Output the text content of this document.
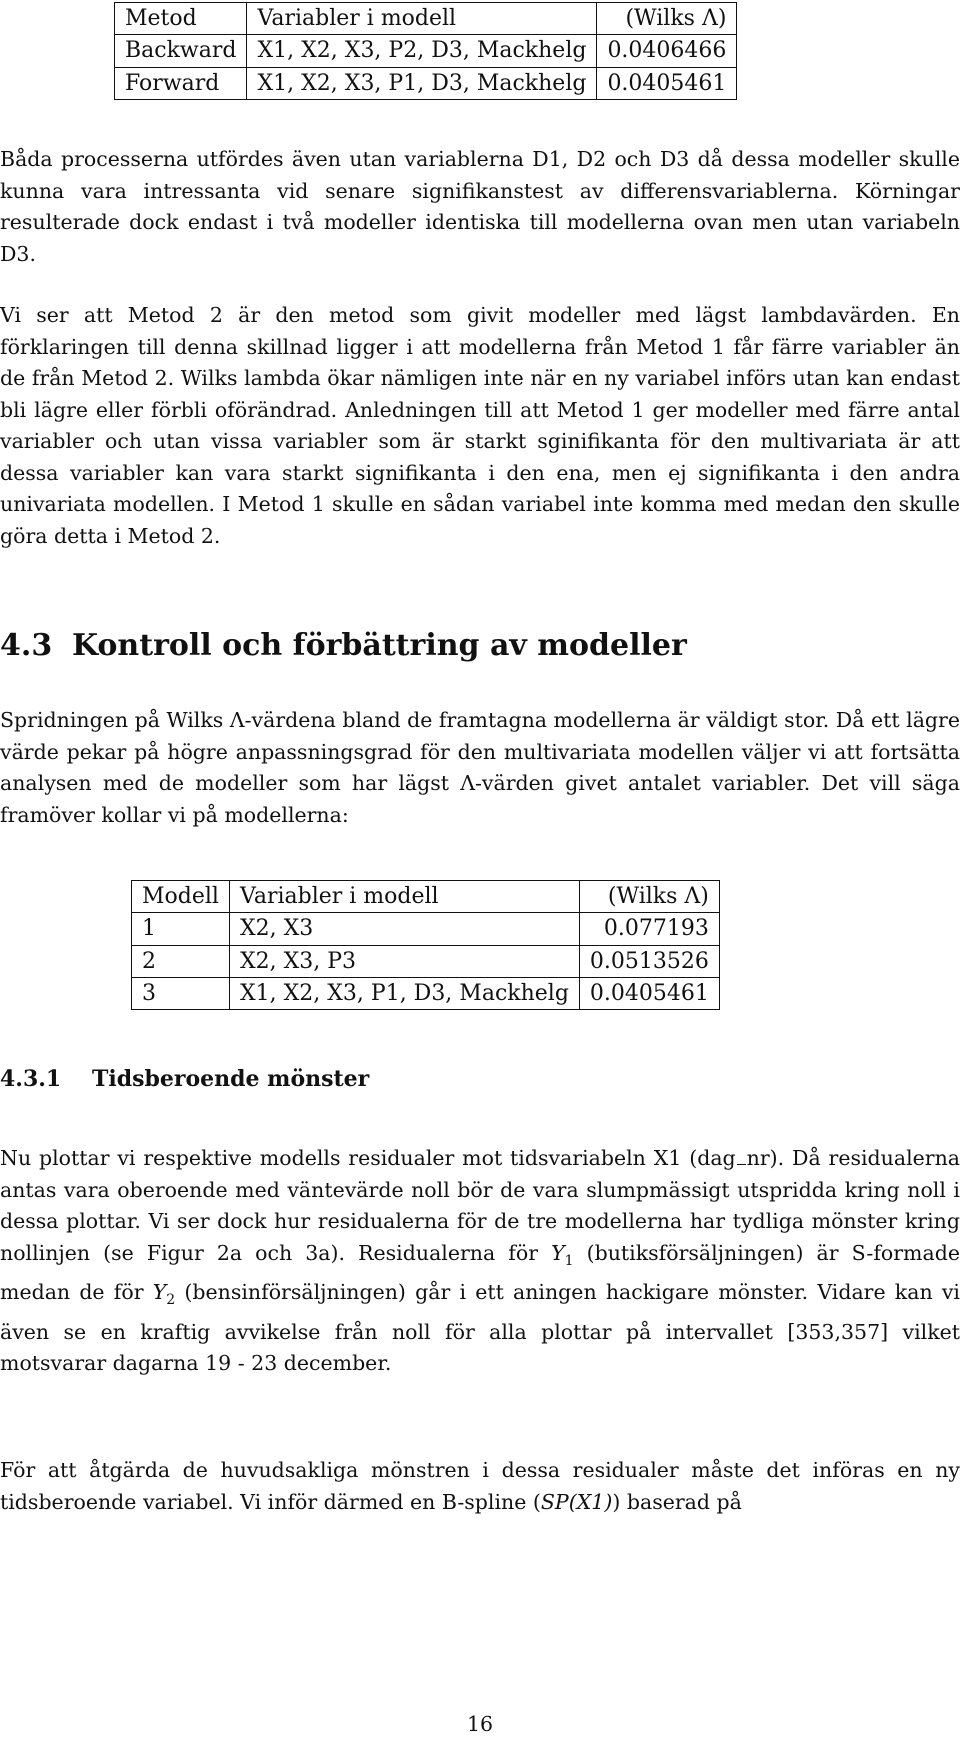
Metod	Variabler i modell	(Wilks Λ)
Backward	X1, X2, X3, P2, D3, Mackhelg	0.0406466
Forward	X1, X2, X3, P1, D3, Mackhelg	0.0405461

Båda processerna utfördes även utan variablerna D1, D2 och D3 då dessa modeller skulle kunna vara intressanta vid senare signifikanstest av differensvariablerna. Körningar resulterade dock endast i två modeller identiska till modellerna ovan men utan variabeln D3.

Vi ser att Metod 2 är den metod som givit modeller med lägst lambdavärden. En förklaringen till denna skillnad ligger i att modellerna från Metod 1 får färre variabler än de från Metod 2. Wilks lambda ökar nämligen inte när en ny variabel införs utan kan endast bli lägre eller förbli oförändrad. Anledningen till att Metod 1 ger modeller med färre antal variabler och utan vissa variabler som är starkt sginifikanta för den multivariata är att dessa variabler kan vara starkt signifikanta i den ena, men ej signifikanta i den andra univariata modellen. I Metod 1 skulle en sådan variabel inte komma med medan den skulle göra detta i Metod 2.

4.3 Kontroll och förbättring av modeller

Spridningen på Wilks Λ-värdena bland de framtagna modellerna är väldigt stor. Då ett lägre värde pekar på högre anpassningsgrad för den multivariata modellen väljer vi att fortsätta analysen med de modeller som har lägst Λ-värden givet antalet variabler. Det vill säga framöver kollar vi på modellerna:

Modell	Variabler i modell	(Wilks Λ)
1	X2, X3	0.077193
2	X2, X3, P3	0.0513526
3	X1, X2, X3, P1, D3, Mackhelg	0.0405461
4.3.1 Tidsberoende mönster

Nu plottar vi respektive modells residualer mot tidsvariabeln X1 (dag nr). Då residualerna antas vara oberoende med väntevärde noll bör de vara slumpmässigt utspridda kring noll i dessa plottar. Vi ser dock hur residualerna för de tre modellerna har tydliga mönster kring nollinjen (se Figur 2a och 3a). Residualerna för $Y_1$ (butiksförsäljningen) är S-formade medan de för $Y_2$ (bensinförsäljningen) går i ett aningen hackigare mönster. Vidare kan vi även se en kraftig avvikelse från noll för alla plottar på intervallet [353,357] vilket motsvarar dagarna 19 - 23 december.

För att åtgärda de huvudsakliga mönstren i dessa residualer måste det införas en ny tidsberoende variabel. Vi inför därmed en B-spline (SP(X1)) baserad på

16
